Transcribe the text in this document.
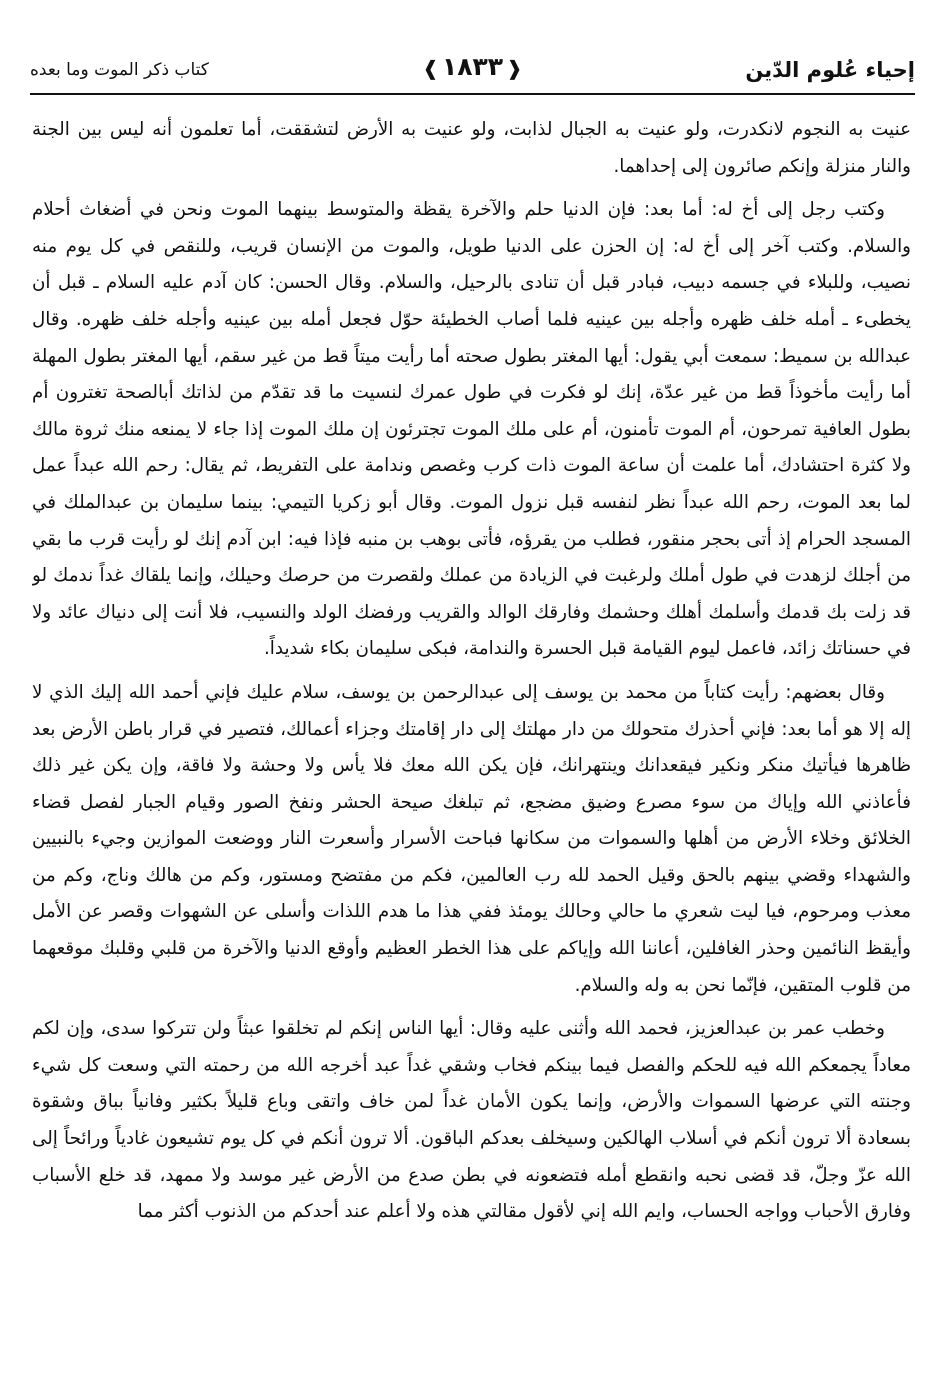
إحياء عُلوم الدّين
❰ ١٨٣٣ ❱
كتاب ذكر الموت وما بعده

عنيت به النجوم لانكدرت، ولو عنيت به الجبال لذابت، ولو عنيت به الأرض لتشققت، أما تعلمون أنه ليس بين الجنة والنار منزلة وإنكم صائرون إلى إحداهما.

وكتب رجل إلى أخ له: أما بعد: فإن الدنيا حلم والآخرة يقظة والمتوسط بينهما الموت ونحن في أضغاث أحلام والسلام. وكتب آخر إلى أخ له: إن الحزن على الدنيا طويل، والموت من الإنسان قريب، وللنقص في كل يوم منه نصيب، وللبلاء في جسمه دبيب، فبادر قبل أن تنادى بالرحيل، والسلام. وقال الحسن: كان آدم عليه السلام ـ قبل أن يخطىء ـ أمله خلف ظهره وأجله بين عينيه فلما أصاب الخطيئة حوّل فجعل أمله بين عينيه وأجله خلف ظهره. وقال عبدالله بن سميط: سمعت أبي يقول: أيها المغتر بطول صحته أما رأيت ميتاً قط من غير سقم، أيها المغتر بطول المهلة أما رأيت مأخوذاً قط من غير عدّة، إنك لو فكرت في طول عمرك لنسيت ما قد تقدّم من لذاتك أبالصحة تغترون أم بطول العافية تمرحون، أم الموت تأمنون، أم على ملك الموت تجترئون إن ملك الموت إذا جاء لا يمنعه منك ثروة مالك ولا كثرة احتشادك، أما علمت أن ساعة الموت ذات كرب وغصص وندامة على التفريط، ثم يقال: رحم الله عبداً عمل لما بعد الموت، رحم الله عبداً نظر لنفسه قبل نزول الموت. وقال أبو زكريا التيمي: بينما سليمان بن عبدالملك في المسجد الحرام إذ أتى بحجر منقور، فطلب من يقرؤه، فأتى بوهب بن منبه فإذا فيه: ابن آدم إنك لو رأيت قرب ما بقي من أجلك لزهدت في طول أملك ولرغبت في الزيادة من عملك ولقصرت من حرصك وحيلك، وإنما يلقاك غداً ندمك لو قد زلت بك قدمك وأسلمك أهلك وحشمك وفارقك الوالد والقريب ورفضك الولد والنسيب، فلا أنت إلى دنياك عائد ولا في حسناتك زائد، فاعمل ليوم القيامة قبل الحسرة والندامة، فبكى سليمان بكاء شديداً.

وقال بعضهم: رأيت كتاباً من محمد بن يوسف إلى عبدالرحمن بن يوسف، سلام عليك فإني أحمد الله إليك الذي لا إله إلا هو أما بعد: فإني أحذرك متحولك من دار مهلتك إلى دار إقامتك وجزاء أعمالك، فتصير في قرار باطن الأرض بعد ظاهرها فيأتيك منكر ونكير فيقعدانك وينتهرانك، فإن يكن الله معك فلا يأس ولا وحشة ولا فاقة، وإن يكن غير ذلك فأعاذني الله وإياك من سوء مصرع وضيق مضجع، ثم تبلغك صيحة الحشر ونفخ الصور وقيام الجبار لفصل قضاء الخلائق وخلاء الأرض من أهلها والسموات من سكانها فباحت الأسرار وأسعرت النار ووضعت الموازين وجيء بالنبيين والشهداء وقضي بينهم بالحق وقيل الحمد لله رب العالمين، فكم من مفتضح ومستور، وكم من هالك وناج، وكم من معذب ومرحوم، فيا ليت شعري ما حالي وحالك يومئذ ففي هذا ما هدم اللذات وأسلى عن الشهوات وقصر عن الأمل وأيقظ النائمين وحذر الغافلين، أعاننا الله وإياكم على هذا الخطر العظيم وأوقع الدنيا والآخرة من قلبي وقلبك موقعهما من قلوب المتقين، فإنّما نحن به وله والسلام.

وخطب عمر بن عبدالعزيز، فحمد الله وأثنى عليه وقال: أيها الناس إنكم لم تخلقوا عبثاً ولن تتركوا سدى، وإن لكم معاداً يجمعكم الله فيه للحكم والفصل فيما بينكم فخاب وشقي غداً عبد أخرجه الله من رحمته التي وسعت كل شيء وجنته التي عرضها السموات والأرض، وإنما يكون الأمان غداً لمن خاف واتقى وباع قليلاً بكثير وفانياً بباق وشقوة بسعادة ألا ترون أنكم في أسلاب الهالكين وسيخلف بعدكم الباقون. ألا ترون أنكم في كل يوم تشيعون غادياً ورائحاً إلى الله عزّ وجلّ، قد قضى نحبه وانقطع أمله فتضعونه في بطن صدع من الأرض غير موسد ولا ممهد، قد خلع الأسباب وفارق الأحباب وواجه الحساب، وايم الله إني لأقول مقالتي هذه ولا أعلم عند أحدكم من الذنوب أكثر مما
